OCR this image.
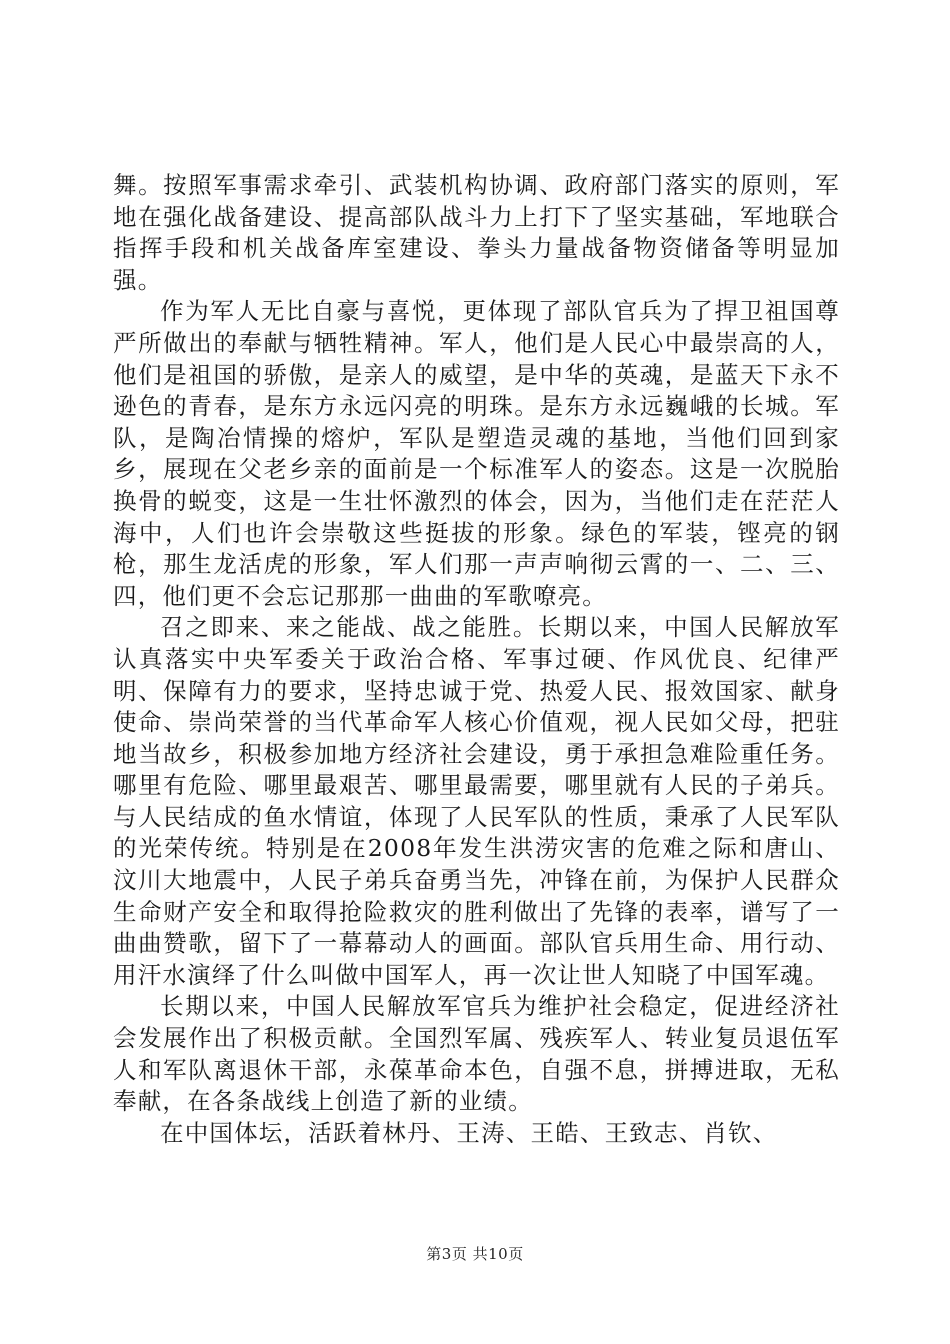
舞。按照军事需求牵引、武装机构协调、政府部门落实的原则，军地在强化战备建设、提高部队战斗力上打下了坚实基础，军地联合指挥手段和机关战备库室建设、拳头力量战备物资储备等明显加强。

作为军人无比自豪与喜悦，更体现了部队官兵为了捍卫祖国尊严所做出的奉献与牺牲精神。军人，他们是人民心中最崇高的人，他们是祖国的骄傲，是亲人的威望，是中华的英魂，是蓝天下永不逊色的青春，是东方永远闪亮的明珠。是东方永远巍峨的长城。军队，是陶冶情操的熔炉，军队是塑造灵魂的基地，当他们回到家乡，展现在父老乡亲的面前是一个标准军人的姿态。这是一次脱胎换骨的蜕变，这是一生壮怀激烈的体会，因为，当他们走在茫茫人海中，人们也许会崇敬这些挺拔的形象。绿色的军装，铿亮的钢枪，那生龙活虎的形象，军人们那一声声响彻云霄的一、二、三、四，他们更不会忘记那那一曲曲的军歌嘹亮。

召之即来、来之能战、战之能胜。长期以来，中国人民解放军认真落实中央军委关于政治合格、军事过硬、作风优良、纪律严明、保障有力的要求，坚持忠诚于党、热爱人民、报效国家、献身使命、崇尚荣誉的当代革命军人核心价值观，视人民如父母，把驻地当故乡，积极参加地方经济社会建设，勇于承担急难险重任务。哪里有危险、哪里最艰苦、哪里最需要，哪里就有人民的子弟兵。与人民结成的鱼水情谊，体现了人民军队的性质，秉承了人民军队的光荣传统。特别是在2008年发生洪涝灾害的危难之际和唐山、汶川大地震中，人民子弟兵奋勇当先，冲锋在前，为保护人民群众生命财产安全和取得抢险救灾的胜利做出了先锋的表率，谱写了一曲曲赞歌，留下了一幕幕动人的画面。部队官兵用生命、用行动、用汗水演绎了什么叫做中国军人，再一次让世人知晓了中国军魂。

长期以来，中国人民解放军官兵为维护社会稳定，促进经济社会发展作出了积极贡献。全国烈军属、残疾军人、转业复员退伍军人和军队离退休干部，永葆革命本色，自强不息，拼搏进取，无私奉献，在各条战线上创造了新的业绩。

在中国体坛，活跃着林丹、王涛、王皓、王致志、肖钦、

第3页 共10页
